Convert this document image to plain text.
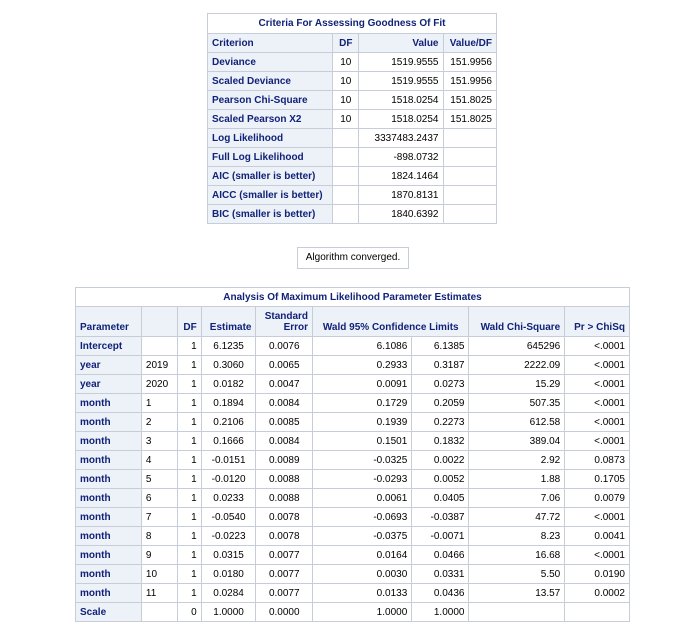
Criteria For Assessing Goodness Of Fit			
Criterion	DF	Value	Value/DF
Deviance	10	1519.9555	151.9956
Scaled Deviance	10	1519.9555	151.9956
Pearson Chi-Square	10	1518.0254	151.8025
Scaled Pearson X2	10	1518.0254	151.8025
Log Likelihood		3337483.2437	
Full Log Likelihood		-898.0732	
AIC (smaller is better)		1824.1464	
AICC (smaller is better)		1870.8131	
BIC (smaller is better)		1840.6392	
Algorithm converged.
Analysis Of Maximum Likelihood Parameter Estimates								
Parameter		DF	Estimate	Standard
Error	Wald 95% Confidence Limits		Wald Chi-Square	Pr > ChiSq
Intercept		1	6.1235	0.0076	6.1086	6.1385	645296	<.0001
year	2019	1	0.3060	0.0065	0.2933	0.3187	2222.09	<.0001
year	2020	1	0.0182	0.0047	0.0091	0.0273	15.29	<.0001
month	1	1	0.1894	0.0084	0.1729	0.2059	507.35	<.0001
month	2	1	0.2106	0.0085	0.1939	0.2273	612.58	<.0001
month	3	1	0.1666	0.0084	0.1501	0.1832	389.04	<.0001
month	4	1	-0.0151	0.0089	-0.0325	0.0022	2.92	0.0873
month	5	1	-0.0120	0.0088	-0.0293	0.0052	1.88	0.1705
month	6	1	0.0233	0.0088	0.0061	0.0405	7.06	0.0079
month	7	1	-0.0540	0.0078	-0.0693	-0.0387	47.72	<.0001
month	8	1	-0.0223	0.0078	-0.0375	-0.0071	8.23	0.0041
month	9	1	0.0315	0.0077	0.0164	0.0466	16.68	<.0001
month	10	1	0.0180	0.0077	0.0030	0.0331	5.50	0.0190
month	11	1	0.0284	0.0077	0.0133	0.0436	13.57	0.0002
Scale		0	1.0000	0.0000	1.0000	1.0000		
